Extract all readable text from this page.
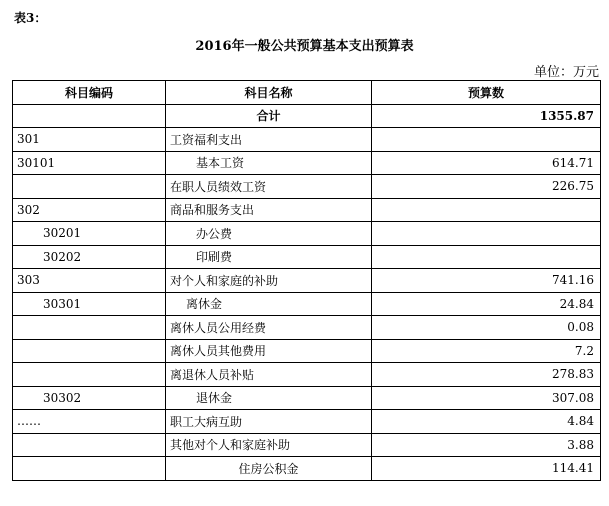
表3：
2016年一般公共预算基本支出预算表
单位：万元
科目编码	科目名称	预算数
	合计	1355.87
301	工资福利支出	
30101	基本工资	614.71
	在职人员绩效工资	226.75
302	商品和服务支出	
30201	办公费	
30202	印刷费	
303	对个人和家庭的补助	741.16
30301	离休金	24.84
	离休人员公用经费	0.08
	离休人员其他费用	7.2
	离退休人员补贴	278.83
30302	退休金	307.08
……	职工大病互助	4.84
	其他对个人和家庭补助	3.88
	住房公积金	114.41
